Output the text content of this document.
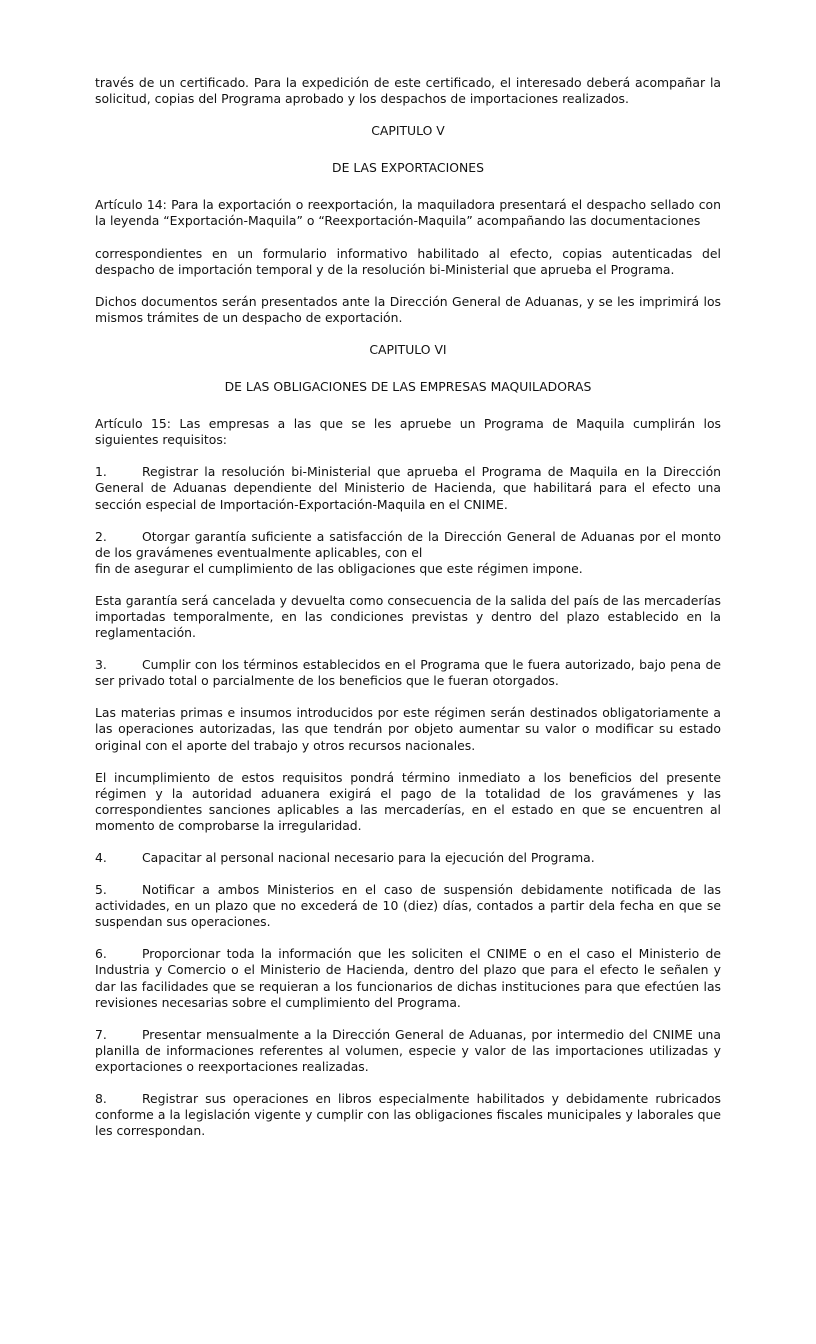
través de un certificado. Para la expedición de este certificado, el interesado deberá acompañar la solicitud, copias del Programa aprobado y los despachos de importaciones realizados.

CAPITULO V
DE LAS EXPORTACIONES

Artículo 14: Para la exportación o reexportación, la maquiladora presentará el despacho sellado con la leyenda “Exportación-Maquila” o “Reexportación-Maquila” acompañando las documentaciones

correspondientes en un formulario informativo habilitado al efecto, copias autenticadas del despacho de importación temporal y de la resolución bi-Ministerial que aprueba el Programa.

Dichos documentos serán presentados ante la Dirección General de Aduanas, y se les imprimirá los mismos trámites de un despacho de exportación.

CAPITULO VI
DE LAS OBLIGACIONES DE LAS EMPRESAS MAQUILADORAS

Artículo 15: Las empresas a las que se les apruebe un Programa de Maquila cumplirán los siguientes requisitos:

1.	Registrar la resolución bi-Ministerial que aprueba el Programa de Maquila en la Dirección General de Aduanas dependiente del Ministerio de Hacienda, que habilitará para el efecto una sección especial de Importación-Exportación-Maquila en el CNIME.

2.	Otorgar garantía suficiente a satisfacción de la Dirección General de Aduanas por el monto de los gravámenes eventualmente aplicables, con el

fin de asegurar el cumplimiento de las obligaciones que este régimen impone.

Esta garantía será cancelada y devuelta como consecuencia de la salida del país de las mercaderías importadas temporalmente, en las condiciones previstas y dentro del plazo establecido en la reglamentación.

3.	Cumplir con los términos establecidos en el Programa que le fuera autorizado, bajo pena de ser privado total o parcialmente de los beneficios que le fueran otorgados.

Las materias primas e insumos introducidos por este régimen serán destinados obligatoriamente a las operaciones autorizadas, las que tendrán por objeto aumentar su valor o modificar su estado original con el aporte del trabajo y otros recursos nacionales.

El incumplimiento de estos requisitos pondrá término inmediato a los beneficios del presente régimen y la autoridad aduanera exigirá el pago de la totalidad de los gravámenes y las correspondientes sanciones aplicables a las mercaderías, en el estado en que se encuentren al momento de comprobarse la irregularidad.

4.	Capacitar al personal nacional necesario para la ejecución del Programa.

5.	Notificar a ambos Ministerios en el caso de suspensión debidamente notificada de las actividades, en un plazo que no excederá de 10 (diez) días, contados a partir dela fecha en que se suspendan sus operaciones.

6.	Proporcionar toda la información que les soliciten el CNIME o en el caso el Ministerio de Industria y Comercio o el Ministerio de Hacienda, dentro del plazo que para el efecto le señalen y dar las facilidades que se requieran a los funcionarios de dichas instituciones para que efectúen las revisiones necesarias sobre el cumplimiento del Programa.

7.	Presentar mensualmente a la Dirección General de Aduanas, por intermedio del CNIME una planilla de informaciones referentes al volumen, especie y valor de las importaciones utilizadas y exportaciones o reexportaciones realizadas.

8.	Registrar sus operaciones en libros especialmente habilitados y debidamente rubricados conforme a la legislación vigente y cumplir con las obligaciones fiscales municipales y laborales que les correspondan.
